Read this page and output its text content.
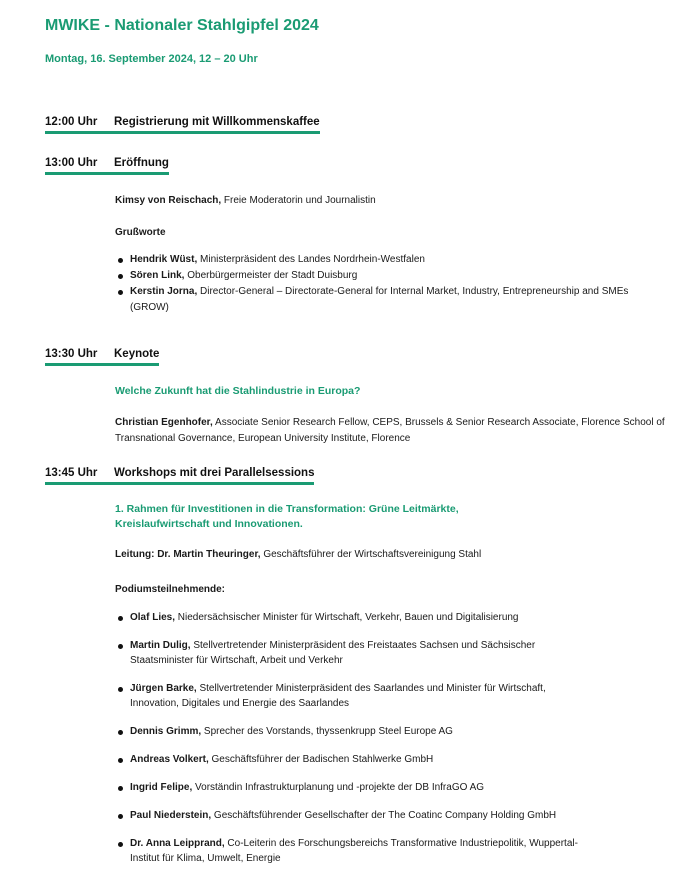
MWIKE - Nationaler Stahlgipfel 2024

Montag, 16. September 2024, 12 – 20 Uhr

12:00 Uhr Registrierung mit Willkommenskaffee
13:00 Uhr Eröffnung

Kimsy von Reischach, Freie Moderatorin und Journalistin

Grußworte

Hendrik Wüst, Ministerpräsident des Landes Nordrhein-Westfalen
Sören Link, Oberbürgermeister der Stadt Duisburg
Kerstin Jorna, Director-General – Directorate-General for Internal Market, Industry, Entrepreneurship and SMEs (GROW)
13:30 Uhr Keynote

Welche Zukunft hat die Stahlindustrie in Europa?

Christian Egenhofer, Associate Senior Research Fellow, CEPS, Brussels & Senior Research Associate, Florence School of Transnational Governance, European University Institute, Florence

13:45 Uhr Workshops mit drei Parallelsessions

1. Rahmen für Investitionen in die Transformation: Grüne Leitmärkte, Kreislaufwirtschaft und Innovationen.

Leitung: Dr. Martin Theuringer, Geschäftsführer der Wirtschaftsvereinigung Stahl

Podiumsteilnehmende:

Olaf Lies, Niedersächsischer Minister für Wirtschaft, Verkehr, Bauen und Digitalisierung
Martin Dulig, Stellvertretender Ministerpräsident des Freistaates Sachsen und Sächsischer Staatsminister für Wirtschaft, Arbeit und Verkehr
Jürgen Barke, Stellvertretender Ministerpräsident des Saarlandes und Minister für Wirtschaft, Innovation, Digitales und Energie des Saarlandes
Dennis Grimm, Sprecher des Vorstands, thyssenkrupp Steel Europe AG
Andreas Volkert, Geschäftsführer der Badischen Stahlwerke GmbH
Ingrid Felipe, Vorständin Infrastrukturplanung und -projekte der DB InfraGO AG
Paul Niederstein, Geschäftsführender Gesellschafter der The Coatinc Company Holding GmbH
Dr. Anna Leipprand, Co-Leiterin des Forschungsbereichs Transformative Industriepolitik, Wuppertal-Institut für Klima, Umwelt, Energie
